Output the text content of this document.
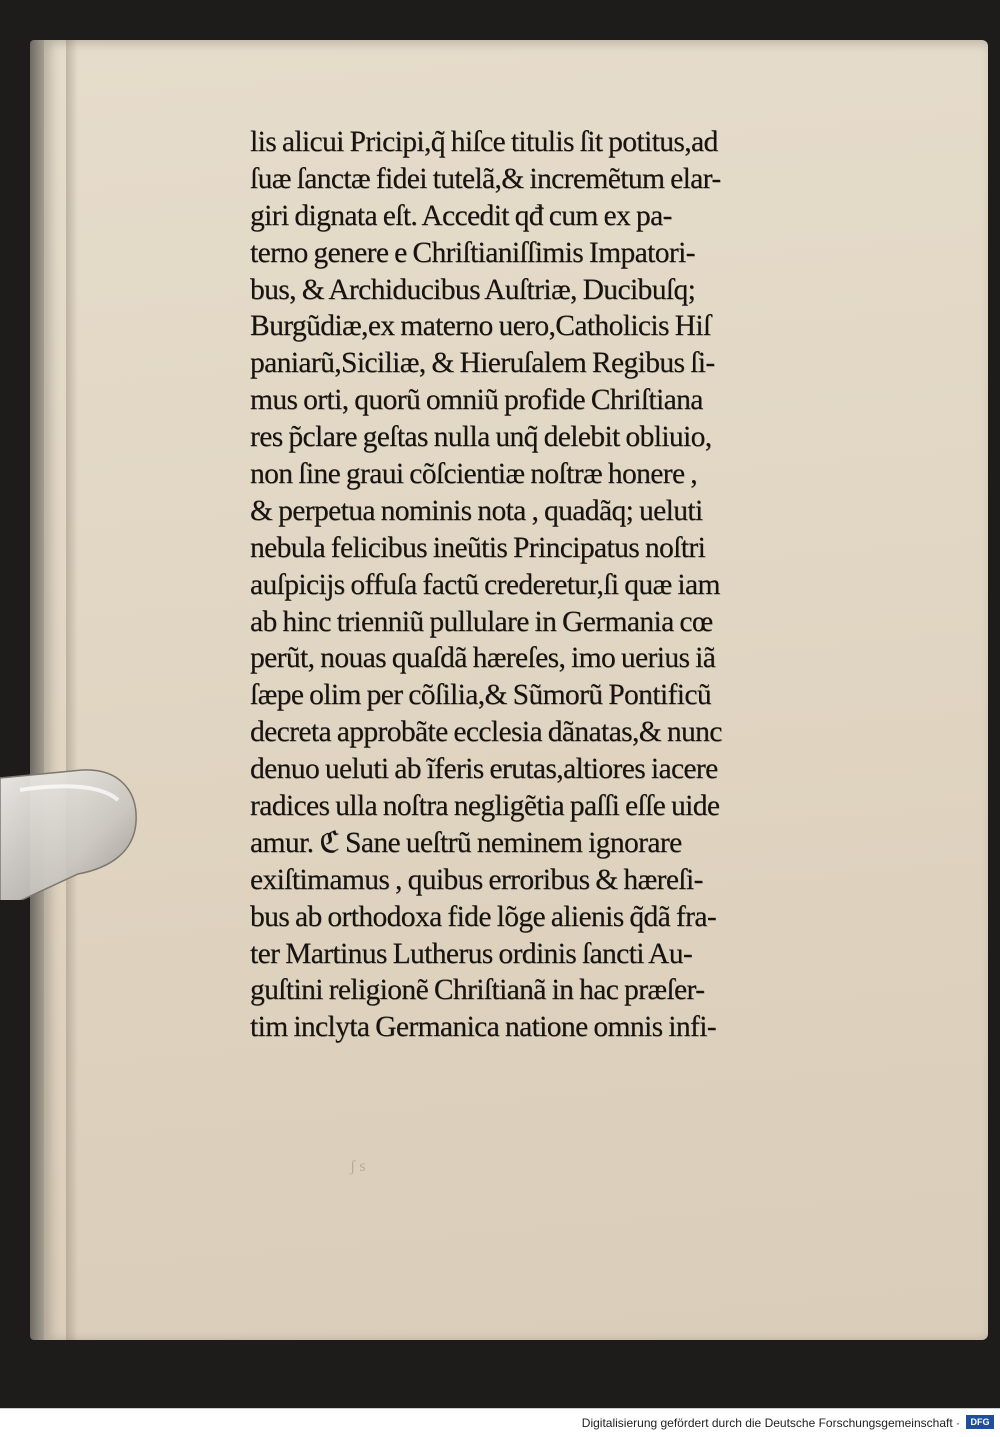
lis alicui Pricipi,q̃ hiſce titulis ſit potitus,ad
ſuæ ſanctæ fidei tutelã,& incremẽtum elar-
giri dignata eſt. Accedit qđ cum ex pa-
terno genere e Chriſtianiſſimis Impatori-
bus, & Archiducibus Auſtriæ, Ducibuſq;
Burgũdiæ,ex materno uero,Catholicis Hiſ
paniarũ,Siciliæ, & Hieruſalem Regibus ſi-
mus orti, quorũ omniũ profide Chriſtiana
res p̃clare geſtas nulla unq̃ delebit obliuio,
non ſine graui cõſcientiæ noſtræ honere ,
& perpetua nominis nota , quadãq; ueluti
nebula felicibus ineũtis Principatus noſtri
auſpicijs offuſa factũ crederetur,ſi quæ iam
ab hinc trienniũ pullulare in Germania cœ
perũt, nouas quaſdã hæreſes, imo uerius iã
ſæpe olim per cõſilia,& Sũmorũ Pontificũ
decreta approbãte ecclesia dãnatas,& nunc
denuo ueluti ab ĩferis erutas,altiores iacere
radices ulla noſtra negligẽtia paſſi eſſe uide
amur. ℭ Sane ueſtrũ neminem ignorare
exiſtimamus , quibus erroribus & hæreſi-
bus ab orthodoxa fide lõge alienis q̃dã fra-
ter Martinus Lutherus ordinis ſancti Au-
guſtini religionẽ Chriſtianã in hac præſer-
tim inclyta Germanica natione omnis infi-
ʃ s
Digitalisierung gefördert durch die Deutsche Forschungsgemeinschaft ·	DFG
